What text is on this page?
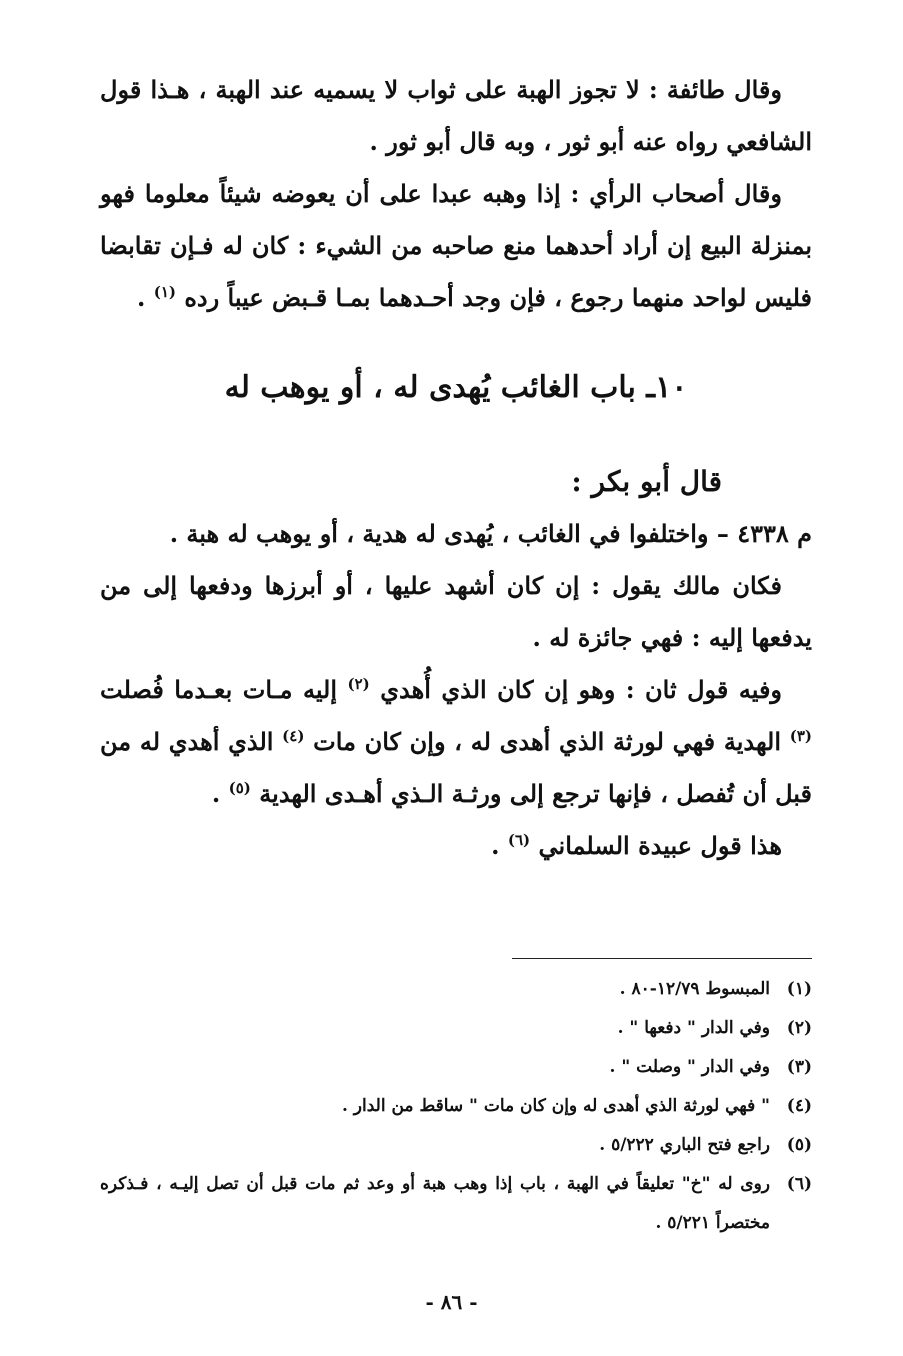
وقال طائفة : لا تجوز الهبة على ثواب لا يسميه عند الهبة ، هـذا قول الشافعي رواه عنه أبو ثور ، وبه قال أبو ثور .

وقال أصحاب الرأي : إذا وهبه عبدا على أن يعوضه شيئاً معلوما فهو بمنزلة البيع إن أراد أحدهما منع صاحبه من الشيء : كان له فـإن تقابضا فليس لواحد منهما رجوع ، فإن وجد أحـدهما بمـا قـبض عيباً رده $^{(١)}$ .

١٠ـ باب الغائب يُهدى له ، أو يوهب له

قال أبو بكر :

م ٤٣٣٨ – واختلفوا في الغائب ، يُهدى له هدية ، أو يوهب له هبة .

فكان مالك يقول : إن كان أشهد عليها ، أو أبرزها ودفعها إلى من يدفعها إليه : فهي جائزة له .

وفيه قول ثان : وهو إن كان الذي أُهدي $^{(٢)}$ إليه مـات بعـدما فُصلت $^{(٣)}$ الهدية فهي لورثة الذي أهدى له ، وإن كان مات $^{(٤)}$ الذي أهدي له من قبل أن تُفصل ، فإنها ترجع إلى ورثـة الـذي أهـدى الهدية $^{(٥)}$ .

هذا قول عبيدة السلماني $^{(٦)}$ .

(١)
المبسوط ١٢/٧٩-٨٠ .
(٢)
وفي الدار " دفعها " .
(٣)
وفي الدار " وصلت " .
(٤)
" فهي لورثة الذي أهدى له وإن كان مات " ساقط من الدار .
(٥)
راجع فتح الباري ٥/٢٢٢ .
(٦)
روى له "خ" تعليقاً في الهبة ، باب إذا وهب هبة أو وعد ثم مات قبل أن تصل إليـه ، فـذكره مختصراً ٥/٢٢١ .
- ٨٦ -
